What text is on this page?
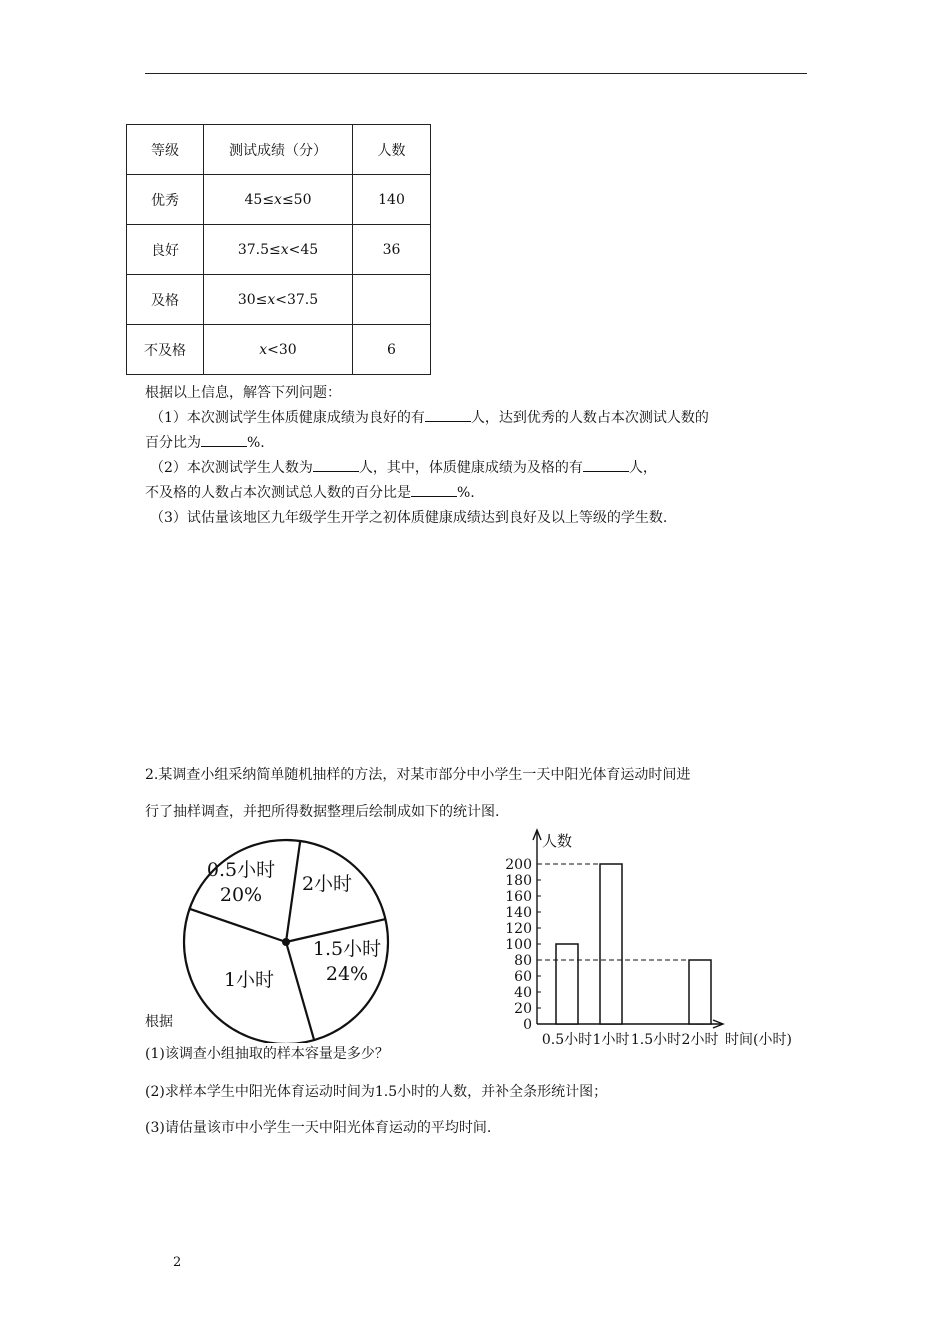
等级	测试成绩（分）	人数
优秀	45≤x≤50	140
良好	37.5≤x<45	36
及格	30≤x<37.5	
不及格	x<30	6
根据以上信息，解答下列问题：
（1）本次测试学生体质健康成绩为良好的有	人，达到优秀的人数占本次测试人数的
百分比为	%.
（2）本次测试学生人数为	人，其中，体质健康成绩为及格的有	人，
不及格的人数占本次测试总人数的百分比是	%.
（3）试估量该地区九年级学生开学之初体质健康成绩达到良好及以上等级的学生数.
2.某调查小组采纳简单随机抽样的方法，对某市部分中小学生一天中阳光体育运动时间进
行了抽样调查，并把所得数据整理后绘制成如下的统计图.
0.5小时
20% 2小时
1.5小时
24%
1小时
0
20
40
60
80
100
120
140
160
180
200
人数
时间(小时)
0.5小时 1小时 1.5小时 2小时
根据
(1)该调查小组抽取的样本容量是多少？
(2)求样本学生中阳光体育运动时间为1.5小时的人数，并补全条形统计图；
(3)请估量该市中小学生一天中阳光体育运动的平均时间.
2
